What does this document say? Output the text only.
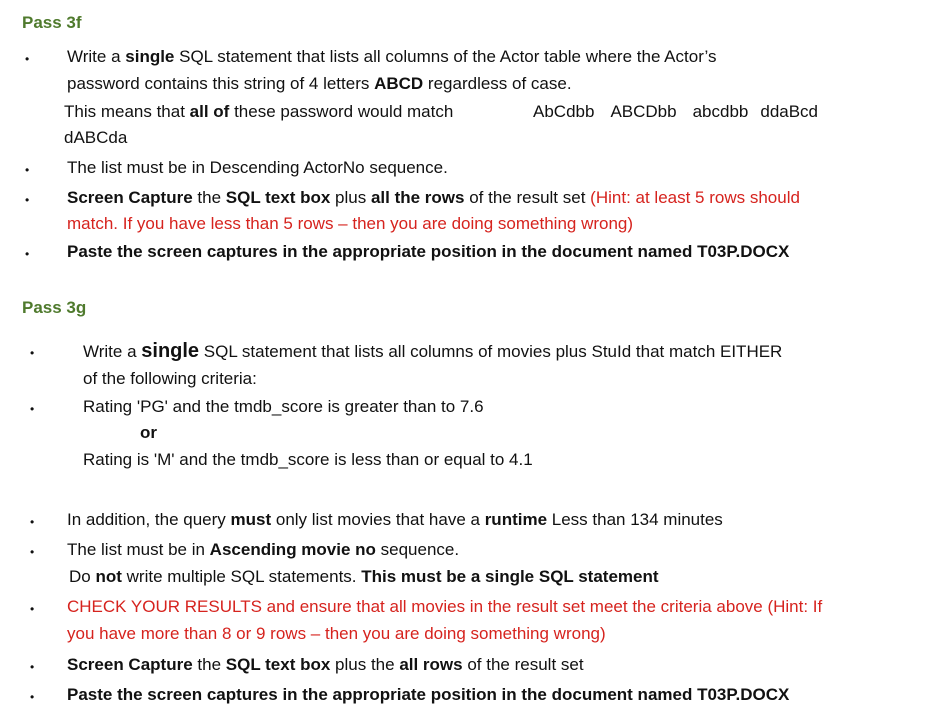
Pass 3f
• Write a single SQL statement that lists all columns of the Actor table where the Actor’s
password contains this string of 4 letters ABCD regardless of case.
This means that all of these password would match	AbCdbb ABCDbb abcdbb ddaBcd
dABCda
• The list must be in Descending ActorNo sequence.
• Screen Capture the SQL text box plus all the rows of the result set (Hint: at least 5 rows should
match. If you have less than 5 rows – then you are doing something wrong)
• Paste the screen captures in the appropriate position in the document named T03P.DOCX
Pass 3g
•	Write a single SQL statement that lists all columns of movies plus StuId that match EITHER
of the following criteria:
•	Rating 'PG' and the tmdb_score is greater than to 7.6
or
Rating is 'M' and the tmdb_score is less than or equal to 4.1
• In addition, the query must only list movies that have a runtime Less than 134 minutes
• The list must be in Ascending movie no sequence.
Do not write multiple SQL statements. This must be a single SQL statement
• CHECK YOUR RESULTS and ensure that all movies in the result set meet the criteria above (Hint: If
you have more than 8 or 9 rows – then you are doing something wrong)
• Screen Capture the SQL text box plus the all rows of the result set
• Paste the screen captures in the appropriate position in the document named T03P.DOCX
